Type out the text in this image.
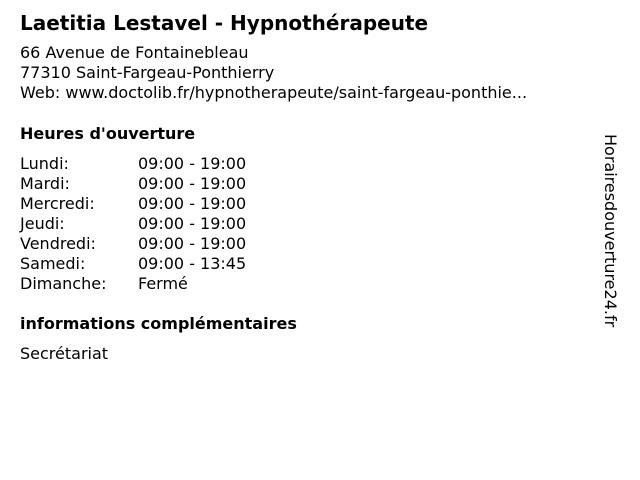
Laetitia Lestavel - Hypnothérapeute
66 Avenue de Fontainebleau
77310 Saint-Fargeau-Ponthierry
Web: www.doctolib.fr/hypnotherapeute/saint-fargeau-ponthie...
Heures d'ouverture
Lundi:	09:00 - 19:00
Mardi:	09:00 - 19:00
Mercredi:	09:00 - 19:00
Jeudi:	09:00 - 19:00
Vendredi:	09:00 - 19:00
Samedi:	09:00 - 13:45
Dimanche:	Fermé
informations complémentaires
Secrétariat
Horairesdouverture24.fr
